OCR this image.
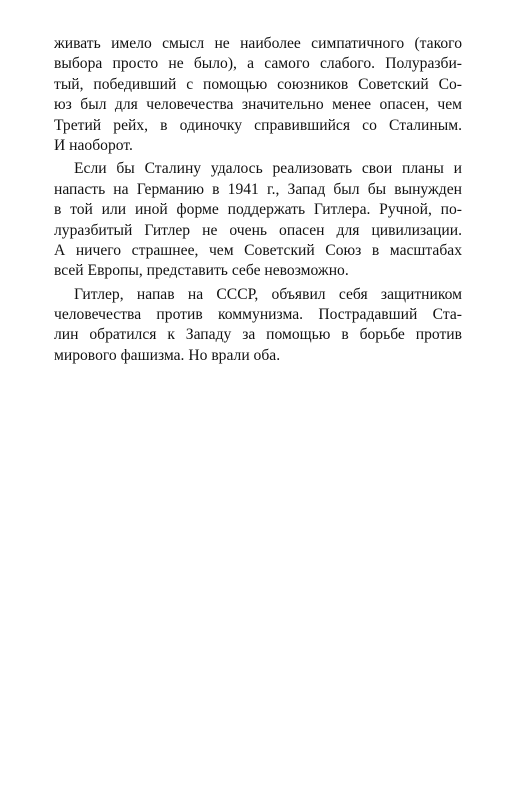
живать имело смысл не наиболее симпатичного (такого
выбора просто не было), а самого слабого. Полуразби-
тый, победивший с помощью союзников Советский Со-
юз был для человечества значительно менее опасен, чем
Третий рейх, в одиночку справившийся со Сталиным.
И наоборот.

Если бы Сталину удалось реализовать свои планы и
напасть на Германию в 1941 г., Запад был бы вынужден
в той или иной форме поддержать Гитлера. Ручной, по-
луразбитый Гитлер не очень опасен для цивилизации.
А ничего страшнее, чем Советский Союз в масштабах
всей Европы, представить себе невозможно.

Гитлер, напав на СССР, объявил себя защитником
человечества против коммунизма. Пострадавший Ста-
лин обратился к Западу за помощью в борьбе против
мирового фашизма. Но врали оба.
